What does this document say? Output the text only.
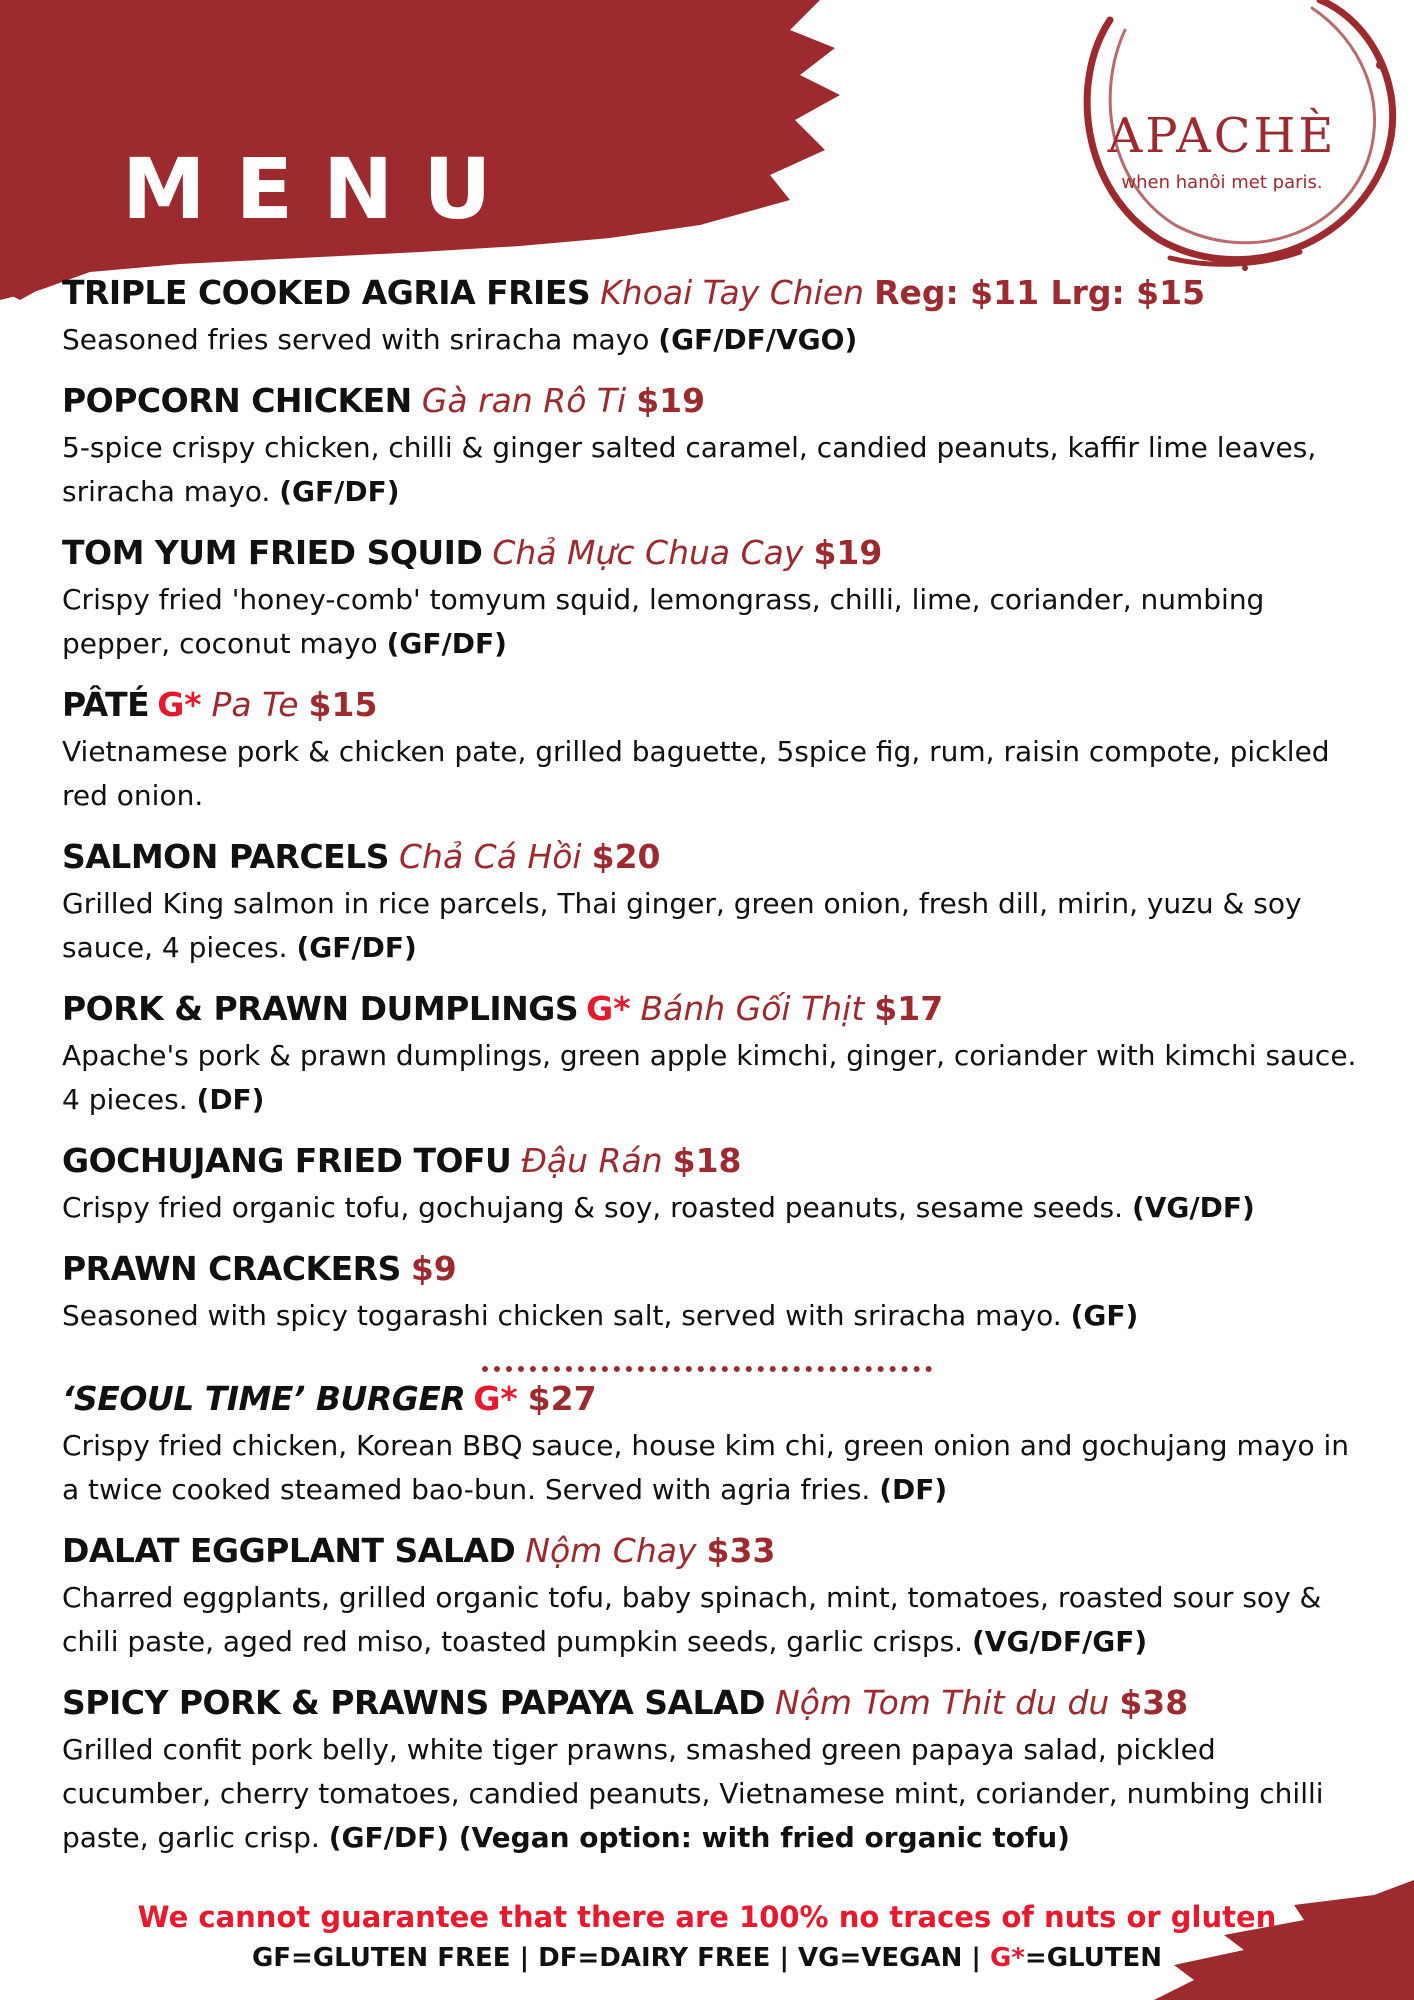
MENU
APACHÈ
when hanôi met paris.
TRIPLE COOKED AGRIA FRIES Khoai Tay Chien Reg: $11 Lrg: $15
Seasoned fries served with sriracha mayo (GF/DF/VGO)
POPCORN CHICKEN Gà ran Rô Ti $19
5-spice crispy chicken, chilli & ginger salted caramel, candied peanuts, kaffir lime leaves, sriracha mayo. (GF/DF)
TOM YUM FRIED SQUID Chả Mực Chua Cay $19
Crispy fried 'honey-comb' tomyum squid, lemongrass, chilli, lime, coriander, numbing pepper, coconut mayo (GF/DF)
PÂTÉ G* Pa Te $15
Vietnamese pork & chicken pate, grilled baguette, 5spice fig, rum, raisin compote, pickled red onion.
SALMON PARCELS Chả Cá Hồi $20
Grilled King salmon in rice parcels, Thai ginger, green onion, fresh dill, mirin, yuzu & soy sauce, 4 pieces. (GF/DF)
PORK & PRAWN DUMPLINGS G* Bánh Gối Thịt $17
Apache's pork & prawn dumplings, green apple kimchi, ginger, coriander with kimchi sauce. 4 pieces. (DF)
GOCHUJANG FRIED TOFU Đậu Rán $18
Crispy fried organic tofu, gochujang & soy, roasted peanuts, sesame seeds. (VG/DF)
PRAWN CRACKERS $9
Seasoned with spicy togarashi chicken salt, served with sriracha mayo. (GF)
‘SEOUL TIME’ BURGER G* $27
Crispy fried chicken, Korean BBQ sauce, house kim chi, green onion and gochujang mayo in a twice cooked steamed bao-bun. Served with agria fries. (DF)
DALAT EGGPLANT SALAD Nộm Chay $33
Charred eggplants, grilled organic tofu, baby spinach, mint, tomatoes, roasted sour soy & chili paste, aged red miso, toasted pumpkin seeds, garlic crisps. (VG/DF/GF)
SPICY PORK & PRAWNS PAPAYA SALAD Nộm Tom Thit du du $38
Grilled confit pork belly, white tiger prawns, smashed green papaya salad, pickled cucumber, cherry tomatoes, candied peanuts, Vietnamese mint, coriander, numbing chilli paste, garlic crisp. (GF/DF) (Vegan option: with fried organic tofu)
We cannot guarantee that there are 100% no traces of nuts or gluten
GF=GLUTEN FREE | DF=DAIRY FREE | VG=VEGAN | G*=GLUTEN
